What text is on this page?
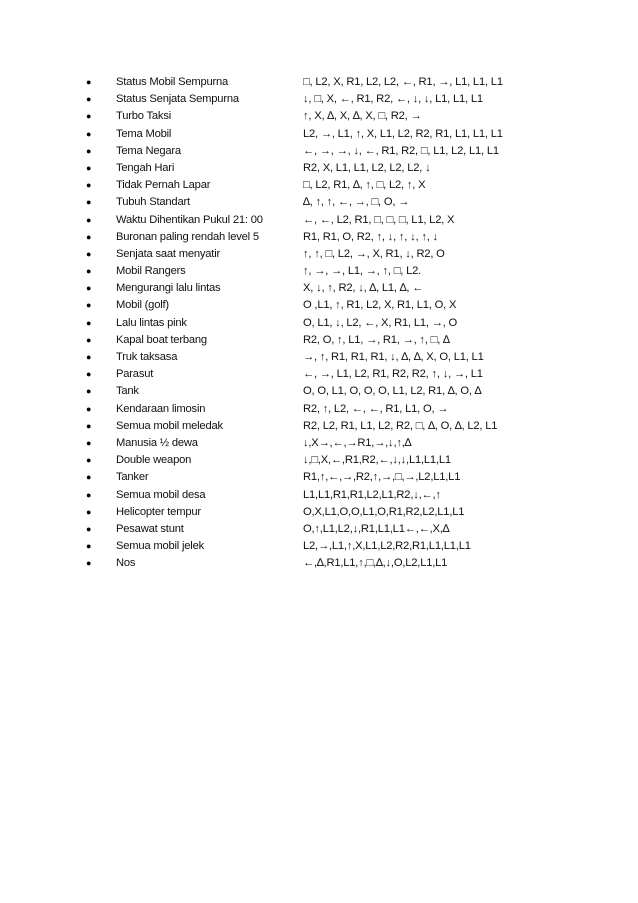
●	Status Mobil Sempurna	□, L2, X, R1, L2, L2, ←, R1, →, L1, L1, L1
●	Status Senjata Sempurna	↓, □, X, ←, R1, R2, ←, ↓, ↓, L1, L1, L1
●	Turbo Taksi	↑, X, ∆, X, ∆, X, □, R2, →
●	Tema Mobil	L2, →, L1, ↑, X, L1, L2, R2, R1, L1, L1, L1
●	Tema Negara	←, →, →, ↓, ←, R1, R2, □, L1, L2, L1, L1
●	Tengah Hari	R2, X, L1, L1, L2, L2, L2, ↓
●	Tidak Pernah Lapar	□, L2, R1, ∆, ↑, □, L2, ↑, X
●	Tubuh Standart	∆, ↑, ↑, ←, →, □, O, →
●	Waktu Dihentikan Pukul 21: 00	←, ←, L2, R1, □, □, □, L1, L2, X
●	Buronan paling rendah level 5	R1, R1, O, R2, ↑, ↓, ↑, ↓, ↑, ↓
●	Senjata saat menyatir	↑, ↑, □, L2, →, X, R1, ↓, R2, O
●	Mobil Rangers	↑, →, →, L1, →, ↑, □, L2.
●	Mengurangi lalu lintas	X, ↓, ↑, R2, ↓, ∆, L1, ∆, ←
●	Mobil (golf)	O ,L1, ↑, R1, L2, X, R1, L1, O, X
●	Lalu lintas pink	O, L1, ↓, L2, ←, X, R1, L1, →, O
●	Kapal boat terbang	R2, O, ↑, L1, →, R1, →, ↑, □, ∆
●	Truk taksasa	→, ↑, R1, R1, R1, ↓, ∆, ∆, X, O, L1, L1
●	Parasut	←, →, L1, L2, R1, R2, R2, ↑, ↓, →, L1
●	Tank	O, O, L1, O, O, O, L1, L2, R1, ∆, O, ∆
●	Kendaraan limosin	R2, ↑, L2, ←, ←, R1, L1, O, →
●	Semua mobil meledak	R2, L2, R1, L1, L2, R2, □, ∆, O, ∆, L2, L1
●	Manusia ½ dewa	↓,X→,←,→R1,→,↓,↑,∆
●	Double weapon	↓,□,X,←,R1,R2,←,↓,↓,L1,L1,L1
●	Tanker	R1,↑,←,→,R2,↑,→,□,→,L2,L1,L1
●	Semua mobil desa	L1,L1,R1,R1,L2,L1,R2,↓,←,↑
●	Helicopter tempur	O,X,L1,O,O,L1,O,R1,R2,L2,L1,L1
●	Pesawat stunt	O,↑,L1,L2,↓,R1,L1,L1←,←,X,∆
●	Semua mobil jelek	L2,→,L1,↑,X,L1,L2,R2,R1,L1,L1,L1
●	Nos	←,∆,R1,L1,↑,□,∆,↓,O,L2,L1,L1
